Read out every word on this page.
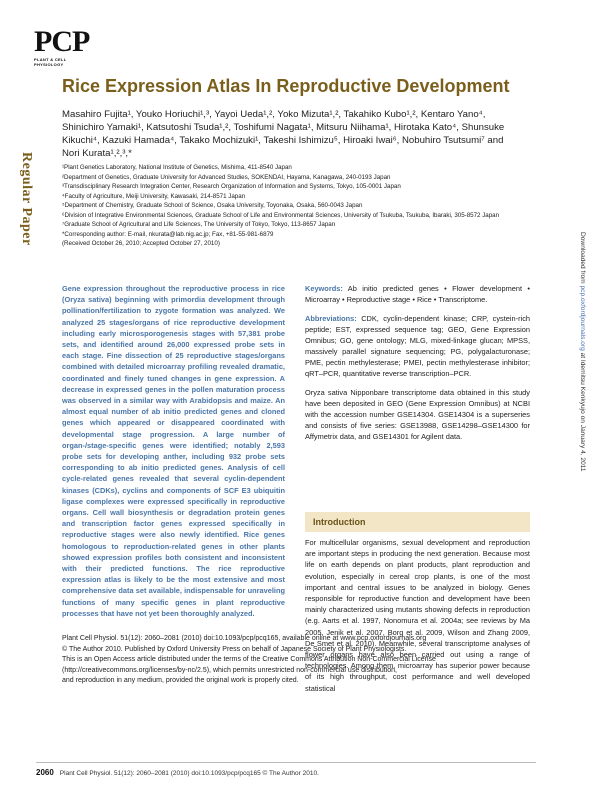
PCP
PLANT & CELL PHYSIOLOGY
Regular Paper
Downloaded from pcp.oxfordjournals.org at Idemitsu Kenkyujo on January 4, 2011
Rice Expression Atlas In Reproductive Development
Masahiro Fujita¹, Youko Horiuchi¹,³, Yayoi Ueda¹,², Yoko Mizuta¹,², Takahiko Kubo¹,², Kentaro Yano⁴, Shinichiro Yamaki¹, Katsutoshi Tsuda¹,², Toshifumi Nagata¹, Mitsuru Niihama¹, Hirotaka Kato⁴, Shunsuke Kikuchi⁴, Kazuki Hamada⁴, Takako Mochizuki¹, Takeshi Ishimizu⁵, Hiroaki Iwai⁶, Nobuhiro Tsutsumi⁷ and Nori Kurata¹,²,³,*
¹Plant Genetics Laboratory, National Institute of Genetics, Mishima, 411-8540 Japan
²Department of Genetics, Graduate University for Advanced Studies, SOKENDAI, Hayama, Kanagawa, 240-0193 Japan
³Transdisciplinary Research Integration Center, Research Organization of Information and Systems, Tokyo, 105-0001 Japan
⁴Faculty of Agriculture, Meiji University, Kawasaki, 214-8571 Japan
⁵Department of Chemistry, Graduate School of Science, Osaka University, Toyonaka, Osaka, 560-0043 Japan
⁶Division of Integrative Environmental Sciences, Graduate School of Life and Environmental Sciences, University of Tsukuba, Tsukuba, Ibaraki, 305-8572 Japan
⁷Graduate School of Agricultural and Life Sciences, The University of Tokyo, Tokyo, 113-8657 Japan
*Corresponding author: E-mail, nkurata@lab.nig.ac.jp; Fax, +81-55-981-6879
(Received October 26, 2010; Accepted October 27, 2010)
Gene expression throughout the reproductive process in rice (Oryza sativa) beginning with primordia development through pollination/fertilization to zygote formation was analyzed. We analyzed 25 stages/organs of rice reproductive development including early microsporogenesis stages with 57,381 probe sets, and identified around 26,000 expressed probe sets in each stage. Fine dissection of 25 reproductive stages/organs combined with detailed microarray profiling revealed dramatic, coordinated and finely tuned changes in gene expression. A decrease in expressed genes in the pollen maturation process was observed in a similar way with Arabidopsis and maize. An almost equal number of ab initio predicted genes and cloned genes which appeared or disappeared coordinated with developmental stage progression. A large number of organ-/stage-specific genes were identified; notably 2,593 probe sets for developing anther, including 932 probe sets corresponding to ab initio predicted genes. Analysis of cell cycle-related genes revealed that several cyclin-dependent kinases (CDKs), cyclins and components of SCF E3 ubiquitin ligase complexes were expressed specifically in reproductive organs. Cell wall biosynthesis or degradation protein genes and transcription factor genes expressed specifically in reproductive stages were also newly identified. Rice genes homologous to reproduction-related genes in other plants showed expression profiles both consistent and inconsistent with their predicted functions. The rice reproductive expression atlas is likely to be the most extensive and most comprehensive data set available, indispensable for unraveling functions of many specific genes in plant reproductive processes that have not yet been thoroughly analyzed.

Keywords: Ab initio predicted genes • Flower development • Microarray • Reproductive stage • Rice • Transcriptome.

Abbreviations: CDK, cyclin-dependent kinase; CRP, cystein-rich peptide; EST, expressed sequence tag; GEO, Gene Expression Omnibus; GO, gene ontology; MLG, mixed-linkage glucan; MPSS, massively parallel signature sequencing; PG, polygalacturonase; PME, pectin methylesterase; PMEI, pectin methylesterase inhibitor; qRT–PCR, quantitative reverse transcription–PCR.

Oryza sativa Nipponbare transcriptome data obtained in this study have been deposited in GEO (Gene Expression Omnibus) at NCBI with the accession number GSE14304. GSE14304 is a superseries and consists of five series: GSE13988, GSE14298–GSE14300 for Affymetrix data, and GSE14301 for Agilent data.

Introduction
For multicellular organisms, sexual development and reproduction are important steps in producing the next generation. Because most life on earth depends on plant products, plant reproduction and evolution, especially in cereal crop plants, is one of the most important and central issues to be analyzed in biology. Genes responsible for reproductive function and development have been mainly characterized using mutants showing defects in reproduction (e.g. Aarts et al. 1997, Nonomura et al. 2004a; see reviews by Ma 2005, Jenik et al. 2007, Borg et al. 2009, Wilson and Zhang 2009, De Smet et al. 2010). Meanwhile, several transcriptome analyses of flower organs have also been carried out using a range of technologies. Among them, microarray has superior power because of its high throughput, cost performance and well developed statistical
Plant Cell Physiol. 51(12): 2060–2081 (2010) doi:10.1093/pcp/pcq165, available online at www.pcp.oxfordjournals.org
© The Author 2010. Published by Oxford University Press on behalf of Japanese Society of Plant Physiologists.
This is an Open Access article distributed under the terms of the Creative Commons Attribution Non-Commercial License
(http://creativecommons.org/licenses/by-nc/2.5), which permits unrestricted non-commercial use distribution,
and reproduction in any medium, provided the original work is properly cited.
2060 Plant Cell Physiol. 51(12): 2060–2081 (2010) doi:10.1093/pcp/pcq165 © The Author 2010.
